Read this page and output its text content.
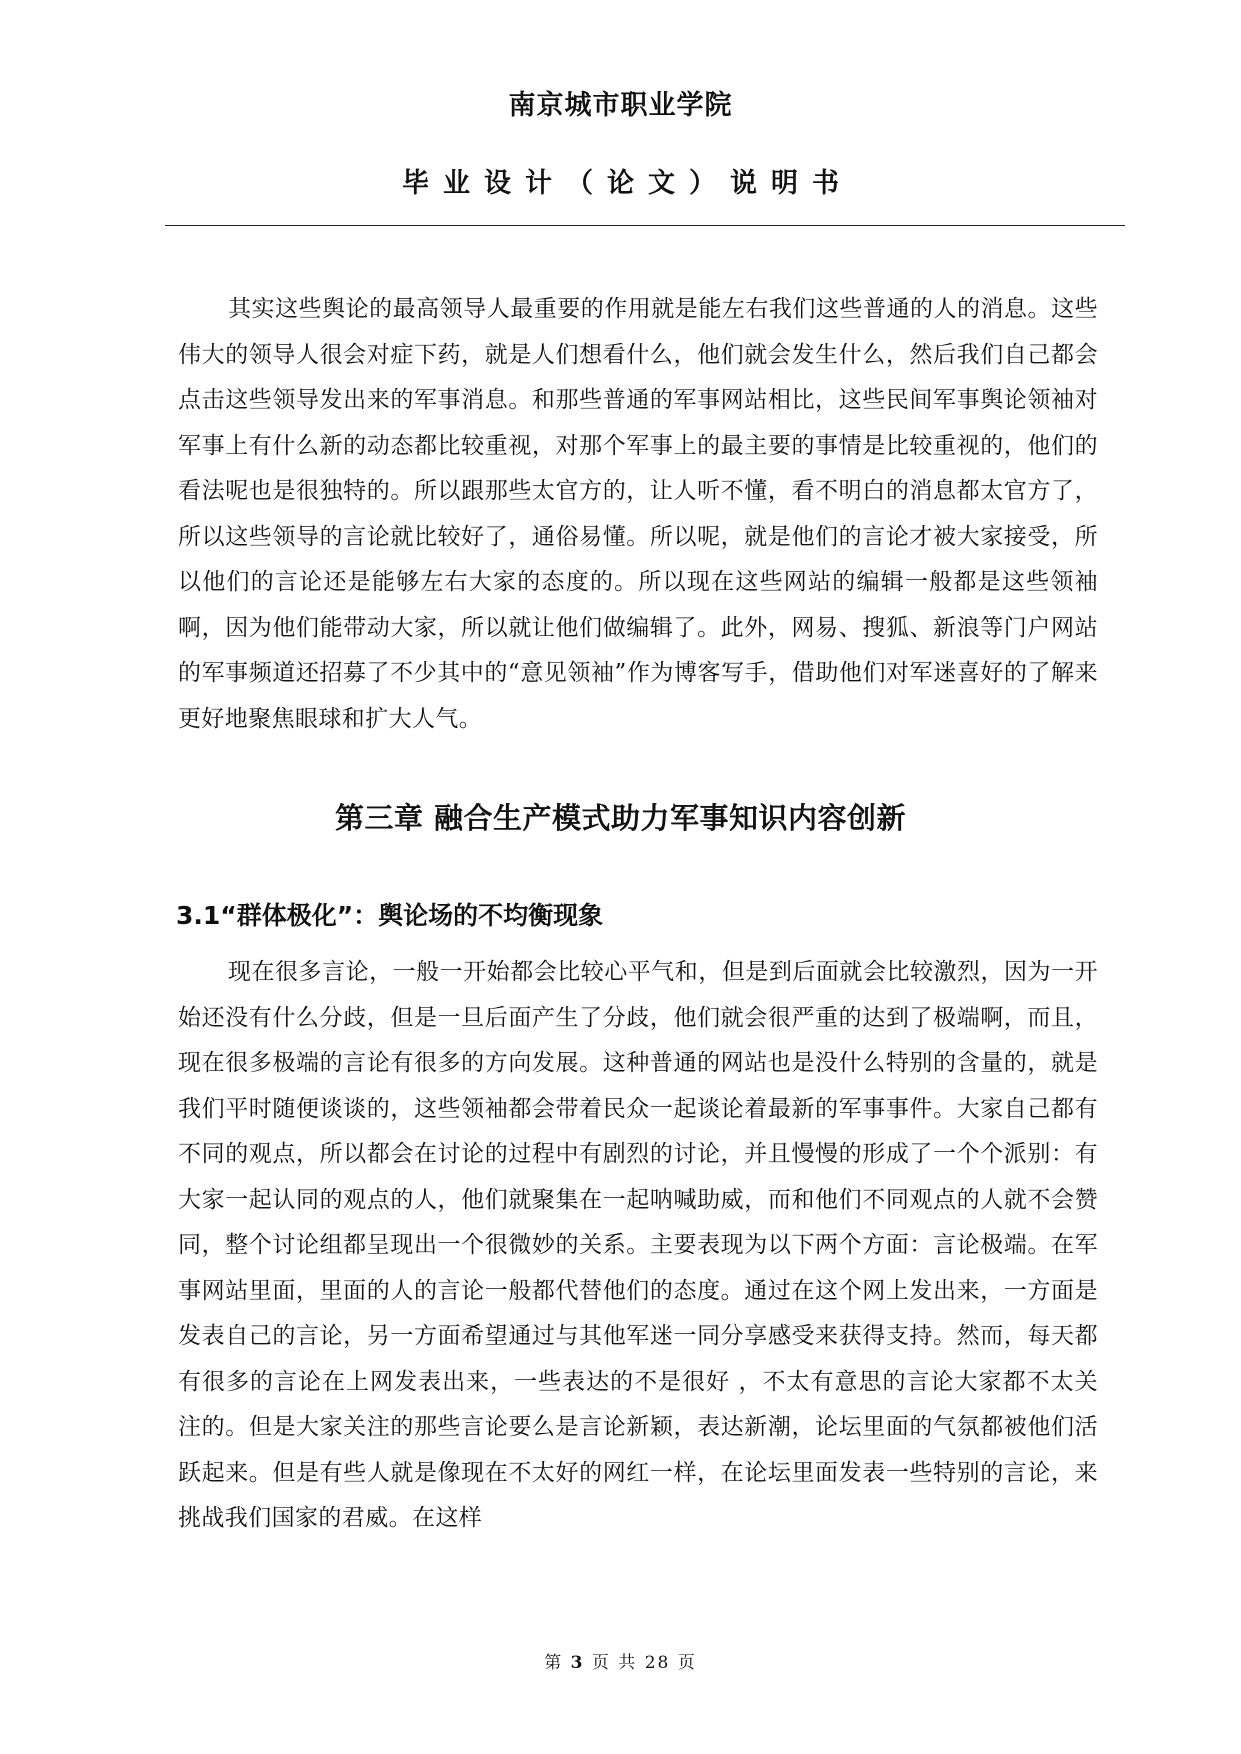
南京城市职业学院
毕业设计（论文）说明书

其实这些舆论的最高领导人最重要的作用就是能左右我们这些普通的人的消息。这些伟大的领导人很会对症下药，就是人们想看什么，他们就会发生什么，然后我们自己都会点击这些领导发出来的军事消息。和那些普通的军事网站相比，这些民间军事舆论领袖对军事上有什么新的动态都比较重视，对那个军事上的最主要的事情是比较重视的，他们的看法呢也是很独特的。所以跟那些太官方的，让人听不懂，看不明白的消息都太官方了，所以这些领导的言论就比较好了，通俗易懂。所以呢，就是他们的言论才被大家接受，所以他们的言论还是能够左右大家的态度的。所以现在这些网站的编辑一般都是这些领袖啊，因为他们能带动大家，所以就让他们做编辑了。此外，网易、搜狐、新浪等门户网站的军事频道还招募了不少其中的“意见领袖”作为博客写手，借助他们对军迷喜好的了解来更好地聚焦眼球和扩大人气。

第三章 融合生产模式助力军事知识内容创新
3.1“群体极化”：舆论场的不均衡现象

现在很多言论，一般一开始都会比较心平气和，但是到后面就会比较激烈，因为一开始还没有什么分歧，但是一旦后面产生了分歧，他们就会很严重的达到了极端啊，而且，现在很多极端的言论有很多的方向发展。这种普通的网站也是没什么特别的含量的，就是我们平时随便谈谈的，这些领袖都会带着民众一起谈论着最新的军事事件。大家自己都有不同的观点，所以都会在讨论的过程中有剧烈的讨论，并且慢慢的形成了一个个派别：有大家一起认同的观点的人，他们就聚集在一起呐喊助威，而和他们不同观点的人就不会赞同，整个讨论组都呈现出一个很微妙的关系。主要表现为以下两个方面：言论极端。在军事网站里面，里面的人的言论一般都代替他们的态度。通过在这个网上发出来，一方面是发表自己的言论，另一方面希望通过与其他军迷一同分享感受来获得支持。然而，每天都有很多的言论在上网发表出来，一些表达的不是很好 ，不太有意思的言论大家都不太关注的。但是大家关注的那些言论要么是言论新颖，表达新潮，论坛里面的气氛都被他们活跃起来。但是有些人就是像现在不太好的网红一样，在论坛里面发表一些特别的言论，来挑战我们国家的君威。在这样

第 3 页 共 28 页
